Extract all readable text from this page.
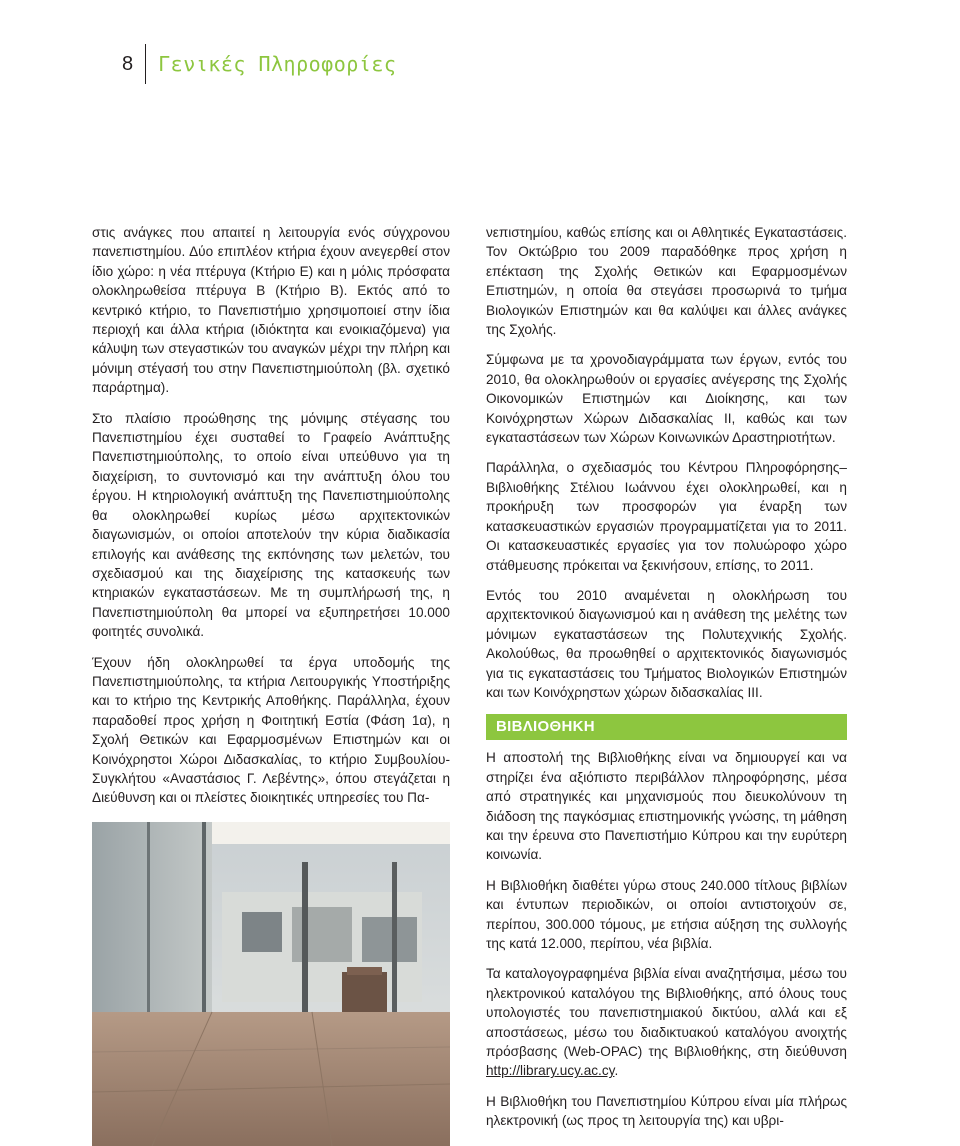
8	Γενικές Πληροφορίες

στις ανάγκες που απαιτεί η λειτουργία ενός σύγχρονου πανεπιστημίου. Δύο επιπλέον κτήρια έχουν ανεγερθεί στον ίδιο χώρο: η νέα πτέρυγα (Κτήριο Ε) και η μόλις πρόσφατα ολοκληρωθείσα πτέρυγα Β (Κτήριο Β). Εκτός από το κεντρικό κτήριο, το Πανεπιστήμιο χρησιμοποιεί στην ίδια περιοχή και άλλα κτήρια (ιδιόκτητα και ενοικιαζόμενα) για κάλυψη των στεγαστικών του αναγκών μέχρι την πλήρη και μόνιμη στέγασή του στην Πανεπιστημιούπολη (βλ. σχετικό παράρτημα).

Στο πλαίσιο προώθησης της μόνιμης στέγασης του Πανεπιστημίου έχει συσταθεί το Γραφείο Ανάπτυξης Πανεπιστημιούπολης, το οποίο είναι υπεύθυνο για τη διαχείριση, το συντονισμό και την ανάπτυξη όλου του έργου. Η κτηριολογική ανάπτυξη της Πανεπιστημιούπολης θα ολοκληρωθεί κυρίως μέσω αρχιτεκτονικών διαγωνισμών, οι οποίοι αποτελούν την κύρια διαδικασία επιλογής και ανάθεσης της εκπόνησης των μελετών, του σχεδιασμού και της διαχείρισης της κατασκευής των κτηριακών εγκαταστάσεων. Με τη συμπλήρωσή της, η Πανεπιστημιούπολη θα μπορεί να εξυπηρετήσει 10.000 φοιτητές συνολικά.

Έχουν ήδη ολοκληρωθεί τα έργα υποδομής της Πανεπιστημιούπολης, τα κτήρια Λειτουργικής Υποστήριξης και το κτήριο της Κεντρικής Αποθήκης. Παράλληλα, έχουν παραδοθεί προς χρήση η Φοιτητική Εστία (Φάση 1α), η Σχολή Θετικών και Εφαρμοσμένων Επιστημών και οι Κοινόχρηστοι Χώροι Διδασκαλίας, το κτήριο Συμβουλίου-Συγκλήτου «Αναστάσιος Γ. Λεβέντης», όπου στεγάζεται η Διεύθυνση και οι πλείστες διοικητικές υπηρεσίες του Πα-

νεπιστημίου, καθώς επίσης και οι Αθλητικές Εγκαταστάσεις. Τον Οκτώβριο του 2009 παραδόθηκε προς χρήση η επέκταση της Σχολής Θετικών και Εφαρμοσμένων Επιστημών, η οποία θα στεγάσει προσωρινά το τμήμα Βιολογικών Επιστημών και θα καλύψει και άλλες ανάγκες της Σχολής.

Σύμφωνα με τα χρονοδιαγράμματα των έργων, εντός του 2010, θα ολοκληρωθούν οι εργασίες ανέγερσης της Σχολής Οικονομικών Επιστημών και Διοίκησης, και των Κοινόχρηστων Χώρων Διδασκαλίας ΙΙ, καθώς και των εγκαταστάσεων των Χώρων Κοινωνικών Δραστηριοτήτων.

Παράλληλα, ο σχεδιασμός του Κέντρου Πληροφόρησης–Βιβλιοθήκης Στέλιου Ιωάννου έχει ολοκληρωθεί, και η προκήρυξη των προσφορών για έναρξη των κατασκευαστικών εργασιών προγραμματίζεται για το 2011. Οι κατασκευαστικές εργασίες για τον πολυώροφο χώρο στάθμευσης πρόκειται να ξεκινήσουν, επίσης, το 2011.

Εντός του 2010 αναμένεται η ολοκλήρωση του αρχιτεκτονικού διαγωνισμού και η ανάθεση της μελέτης των μόνιμων εγκαταστάσεων της Πολυτεχνικής Σχολής. Ακολούθως, θα προωθηθεί ο αρχιτεκτονικός διαγωνισμός για τις εγκαταστάσεις του Τμήματος Βιολογικών Επιστημών και των Κοινόχρηστων χώρων διδασκαλίας ΙΙΙ.

ΒΙΒΛΙΟΘΗΚΗ

Η αποστολή της Βιβλιοθήκης είναι να δημιουργεί και να στηρίζει ένα αξιόπιστο περιβάλλον πληροφόρησης, μέσα από στρατηγικές και μηχανισμούς που διευκολύνουν τη διάδοση της παγκόσμιας επιστημονικής γνώσης, τη μάθηση και την έρευνα στο Πανεπιστήμιο Κύπρου και την ευρύτερη κοινωνία.

Η Βιβλιοθήκη διαθέτει γύρω στους 240.000 τίτλους βιβλίων και έντυπων περιοδικών, οι οποίοι αντιστοιχούν σε, περίπου, 300.000 τόμους, με ετήσια αύξηση της συλλογής της κατά 12.000, περίπου, νέα βιβλία.

Τα καταλογογραφημένα βιβλία είναι αναζητήσιμα, μέσω του ηλεκτρονικού καταλόγου της Βιβλιοθήκης, από όλους τους υπολογιστές του πανεπιστημιακού δικτύου, αλλά και εξ αποστάσεως, μέσω του διαδικτυακού καταλόγου ανοιχτής πρόσβασης (Web-OPAC) της Βιβλιοθήκης, στη διεύθυνση http://library.ucy.ac.cy.

Η Βιβλιοθήκη του Πανεπιστημίου Κύπρου είναι μία πλήρως ηλεκτρονική (ως προς τη λειτουργία της) και υβρι-
